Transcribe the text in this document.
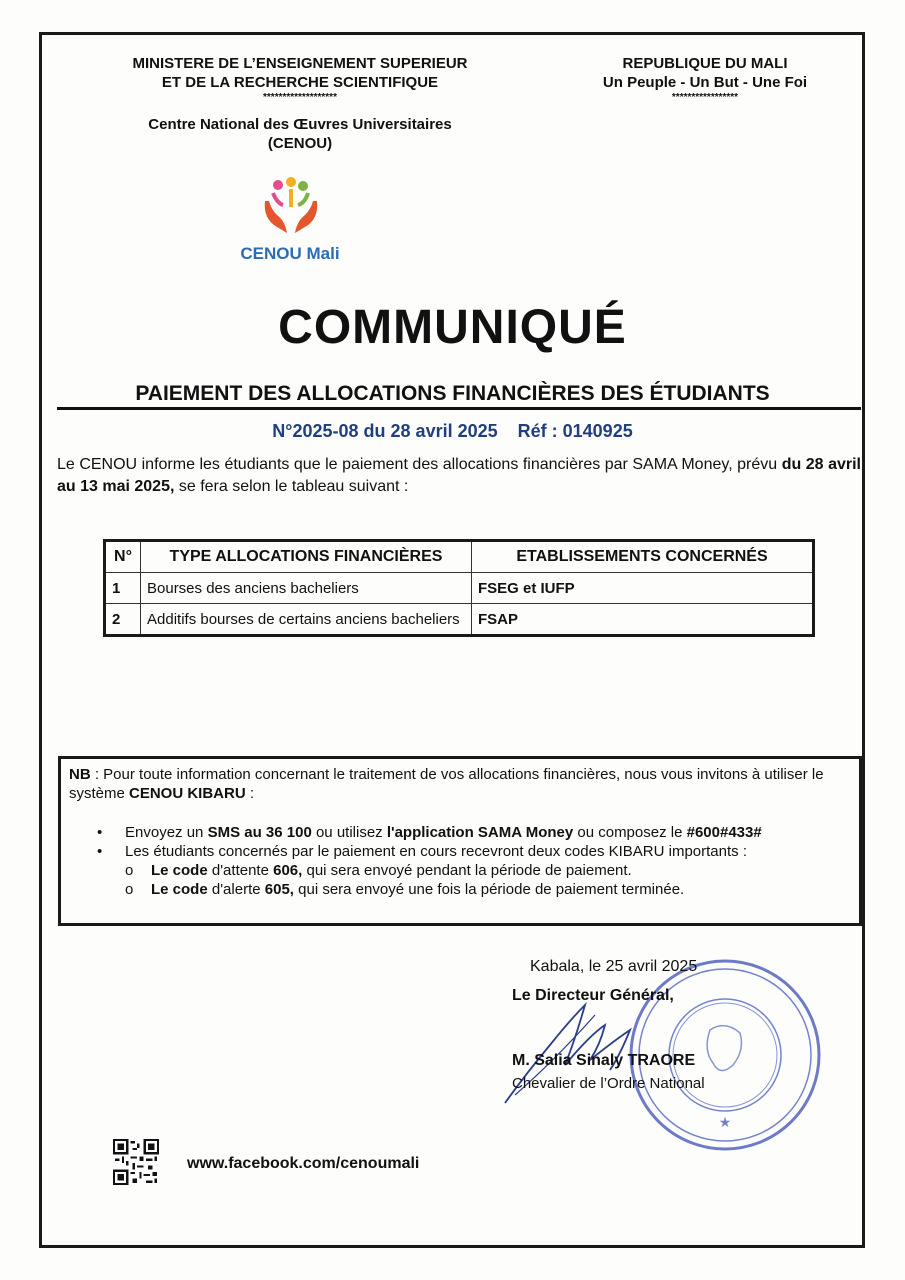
MINISTERE DE L’ENSEIGNEMENT SUPERIEUR
ET DE LA RECHERCHE SCIENTIFIQUE
*******************
Centre National des Œuvres Universitaires
(CENOU)
REPUBLIQUE DU MALI
Un Peuple - Un But - Une Foi
*****************
CENOU Mali
COMMUNIQUÉ
PAIEMENT DES ALLOCATIONS FINANCIÈRES DES ÉTUDIANTS
N°2025-08 du 28 avril 2025 Réf : 0140925
Le CENOU informe les étudiants que le paiement des allocations financières par SAMA Money, prévu du 28 avril au 13 mai 2025, se fera selon le tableau suivant :
N°	TYPE ALLOCATIONS FINANCIÈRES	ETABLISSEMENTS CONCERNÉS
1	Bourses des anciens bacheliers	FSEG et IUFP
2	Additifs bourses de certains anciens bacheliers	FSAP
NB : Pour toute information concernant le traitement de vos allocations financières, nous vous invitons à utiliser le système CENOU KIBARU :
• Envoyez un SMS au 36 100 ou utilisez l'application SAMA Money ou composez le #600#433#
• Les étudiants concernés par le paiement en cours recevront deux codes KIBARU importants :
o Le code d'attente 606, qui sera envoyé pendant la période de paiement.
o Le code d'alerte 605, qui sera envoyé une fois la période de paiement terminée.
★
Kabala, le 25 avril 2025
Le Directeur Général,
M. Salia Sinaly TRAORE
Chevalier de l’Ordre National
www.facebook.com/cenoumali
